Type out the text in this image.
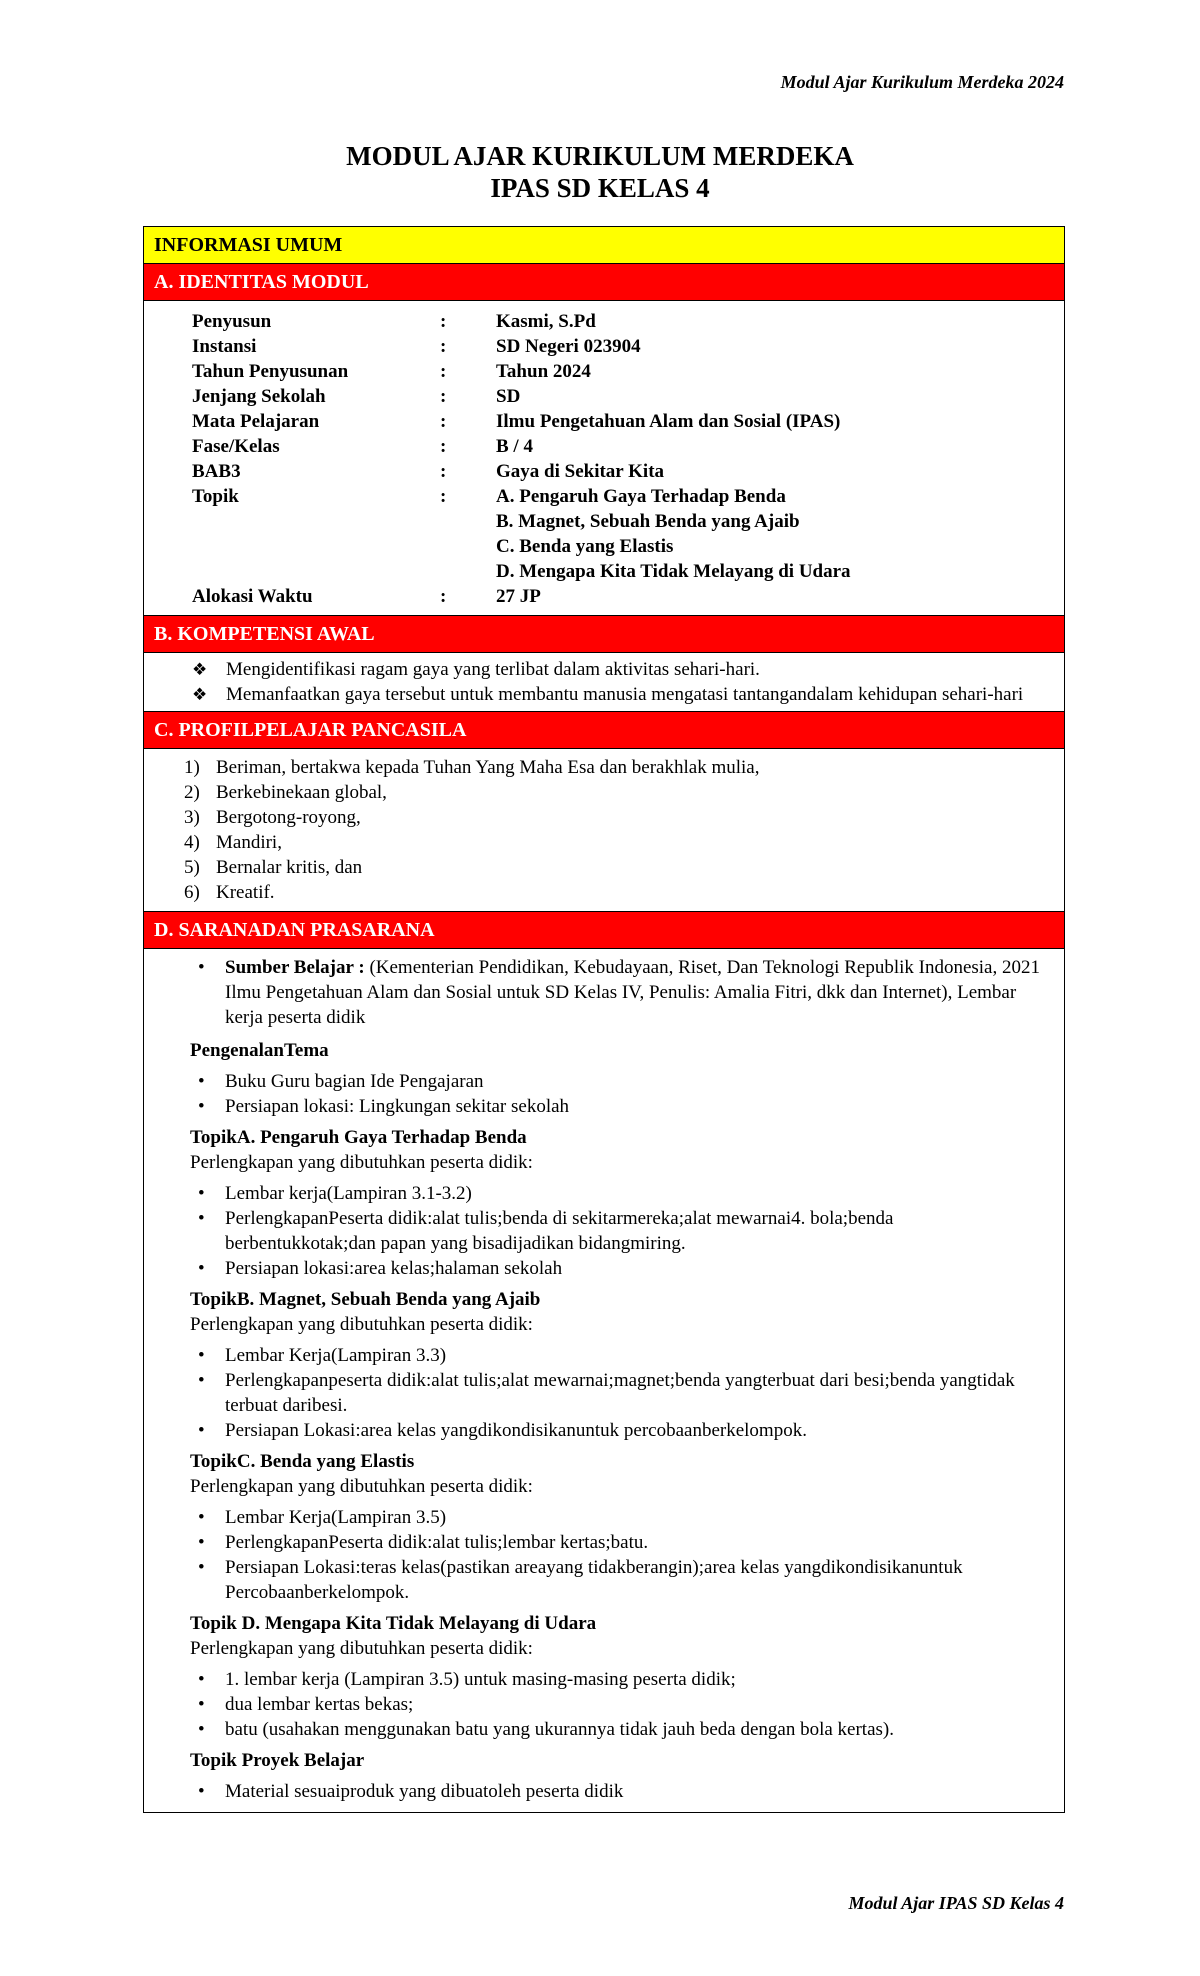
Modul Ajar Kurikulum Merdeka 2024
MODUL AJAR KURIKULUM MERDEKA
IPAS SD KELAS 4
INFORMASI UMUM
A. IDENTITAS MODUL
Penyusun	:	Kasmi, S.Pd
Instansi	:	SD Negeri 023904
Tahun Penyusunan	:	Tahun 2024
Jenjang Sekolah	:	SD
Mata Pelajaran	:	Ilmu Pengetahuan Alam dan Sosial (IPAS)
Fase/Kelas	:	B / 4
BAB3	:	Gaya di Sekitar Kita
Topik	:	A. Pengaruh Gaya Terhadap Benda
B. Magnet, Sebuah Benda yang Ajaib
C. Benda yang Elastis
D. Mengapa Kita Tidak Melayang di Udara
Alokasi Waktu	:	27 JP
B. KOMPETENSI AWAL
❖ Mengidentifikasi ragam gaya yang terlibat dalam aktivitas sehari-hari.
❖ Memanfaatkan gaya tersebut untuk membantu manusia mengatasi tantangandalam kehidupan sehari-hari
C. PROFILPELAJAR PANCASILA
1) Beriman, bertakwa kepada Tuhan Yang Maha Esa dan berakhlak mulia,
2) Berkebinekaan global,
3) Bergotong-royong,
4) Mandiri,
5) Bernalar kritis, dan
6) Kreatif.
D. SARANADAN PRASARANA
• Sumber Belajar : (Kementerian Pendidikan, Kebudayaan, Riset, Dan Teknologi Republik Indonesia, 2021 Ilmu Pengetahuan Alam dan Sosial untuk SD Kelas IV, Penulis: Amalia Fitri, dkk dan Internet), Lembar kerja peserta didik
PengenalanTema
• Buku Guru bagian Ide Pengajaran
• Persiapan lokasi: Lingkungan sekitar sekolah
TopikA. Pengaruh Gaya Terhadap Benda
Perlengkapan yang dibutuhkan peserta didik:
• Lembar kerja(Lampiran 3.1-3.2)
• PerlengkapanPeserta didik:alat tulis;benda di sekitarmereka;alat mewarnai4. bola;benda berbentukkotak;dan papan yang bisadijadikan bidangmiring.
• Persiapan lokasi:area kelas;halaman sekolah
TopikB. Magnet, Sebuah Benda yang Ajaib
Perlengkapan yang dibutuhkan peserta didik:
• Lembar Kerja(Lampiran 3.3)
• Perlengkapanpeserta didik:alat tulis;alat mewarnai;magnet;benda yangterbuat dari besi;benda yangtidak terbuat daribesi.
• Persiapan Lokasi:area kelas yangdikondisikanuntuk percobaanberkelompok.
TopikC. Benda yang Elastis
Perlengkapan yang dibutuhkan peserta didik:
• Lembar Kerja(Lampiran 3.5)
• PerlengkapanPeserta didik:alat tulis;lembar kertas;batu.
• Persiapan Lokasi:teras kelas(pastikan areayang tidakberangin);area kelas yangdikondisikanuntuk Percobaanberkelompok.
Topik D. Mengapa Kita Tidak Melayang di Udara
Perlengkapan yang dibutuhkan peserta didik:
• 1. lembar kerja (Lampiran 3.5) untuk masing-masing peserta didik;
• dua lembar kertas bekas;
• batu (usahakan menggunakan batu yang ukurannya tidak jauh beda dengan bola kertas).
Topik Proyek Belajar
• Material sesuaiproduk yang dibuatoleh peserta didik
Modul Ajar IPAS SD Kelas 4
